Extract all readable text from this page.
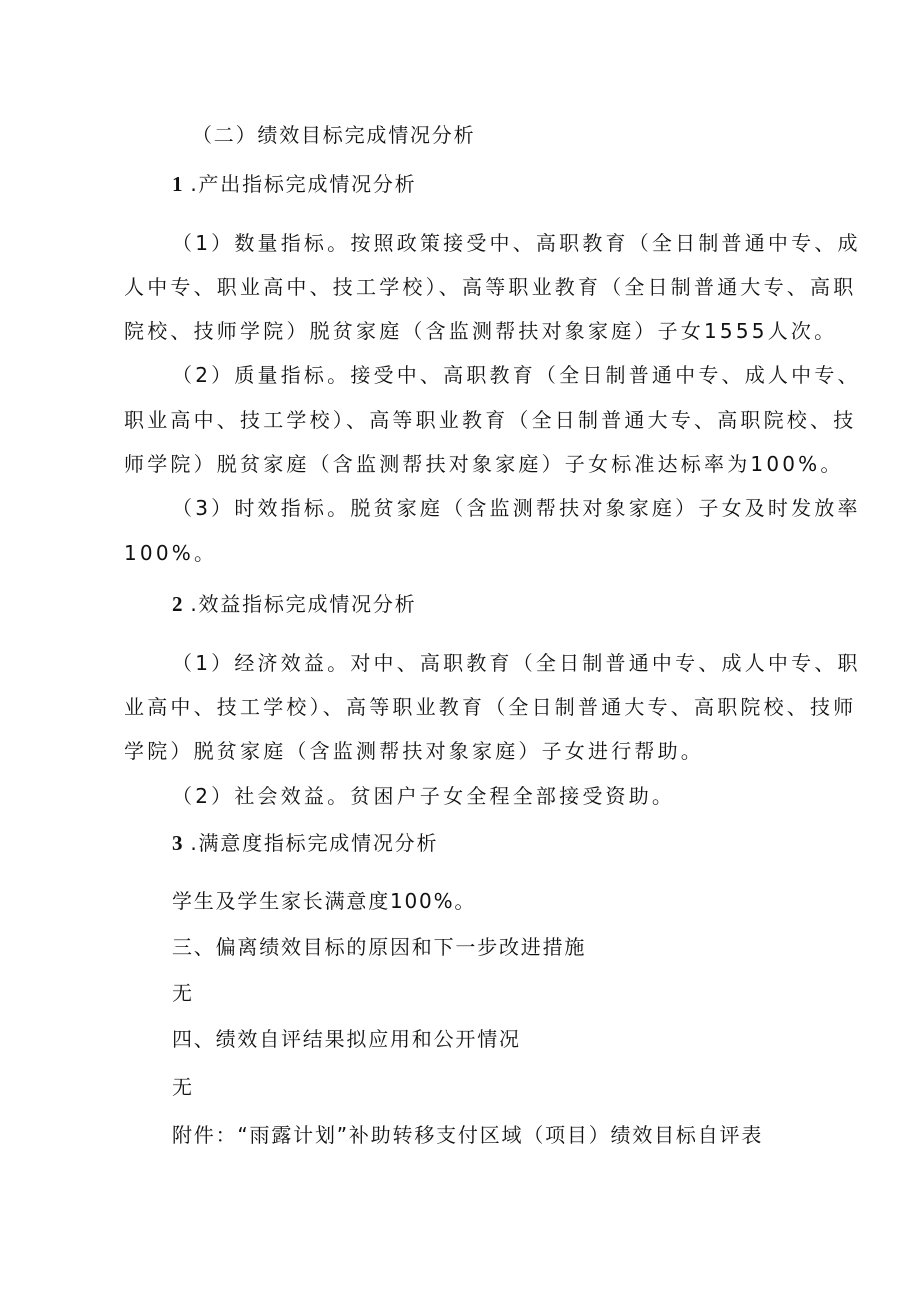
（二）绩效目标完成情况分析
1 .产出指标完成情况分析
（1）数量指标。按照政策接受中、高职教育（全日制普通中专、成
人中专、职业高中、技工学校）、高等职业教育（全日制普通大专、高职
院校、技师学院）脱贫家庭（含监测帮扶对象家庭）子女1555人次。
（2）质量指标。接受中、高职教育（全日制普通中专、成人中专、
职业高中、技工学校）、高等职业教育（全日制普通大专、高职院校、技
师学院）脱贫家庭（含监测帮扶对象家庭）子女标准达标率为100%。
（3）时效指标。脱贫家庭（含监测帮扶对象家庭）子女及时发放率
100%。
2 .效益指标完成情况分析
（1）经济效益。对中、高职教育（全日制普通中专、成人中专、职
业高中、技工学校）、高等职业教育（全日制普通大专、高职院校、技师
学院）脱贫家庭（含监测帮扶对象家庭）子女进行帮助。
（2）社会效益。贫困户子女全程全部接受资助。
3 .满意度指标完成情况分析
学生及学生家长满意度100%。
三、偏离绩效目标的原因和下一步改进措施
无
四、绩效自评结果拟应用和公开情况
无
附件：“雨露计划”补助转移支付区域（项目）绩效目标自评表
